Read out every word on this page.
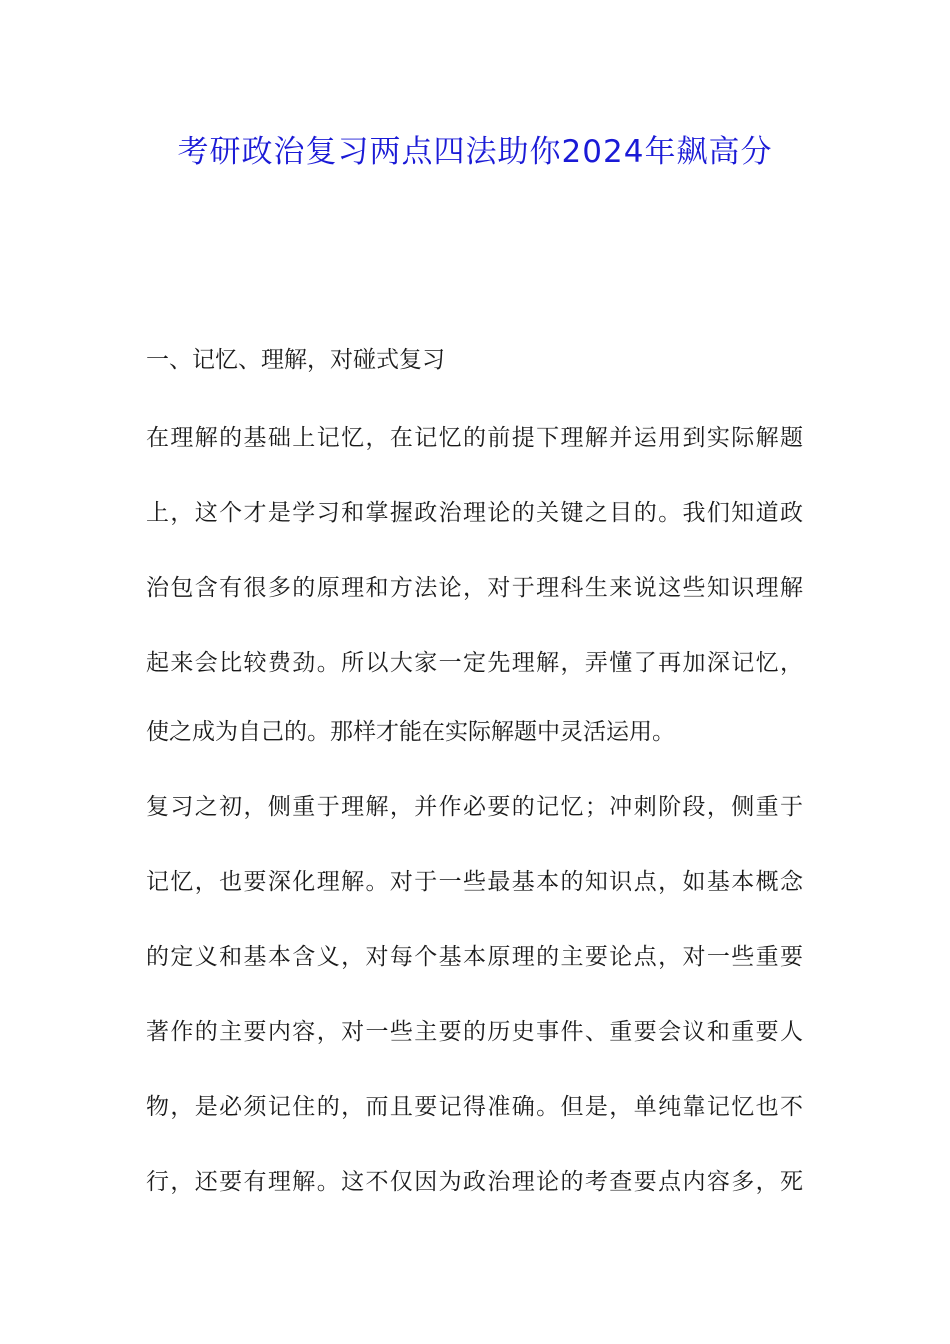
考研政治复习两点四法助你2024年飙高分
一、记忆、理解，对碰式复习
在理解的基础上记忆，在记忆的前提下理解并运用到实际解题
上，这个才是学习和掌握政治理论的关键之目的。我们知道政
治包含有很多的原理和方法论，对于理科生来说这些知识理解
起来会比较费劲。所以大家一定先理解，弄懂了再加深记忆，
使之成为自己的。那样才能在实际解题中灵活运用。
复习之初，侧重于理解，并作必要的记忆；冲刺阶段，侧重于
记忆，也要深化理解。对于一些最基本的知识点，如基本概念
的定义和基本含义，对每个基本原理的主要论点，对一些重要
著作的主要内容，对一些主要的历史事件、重要会议和重要人
物，是必须记住的，而且要记得准确。但是，单纯靠记忆也不
行，还要有理解。这不仅因为政治理论的考查要点内容多，死
